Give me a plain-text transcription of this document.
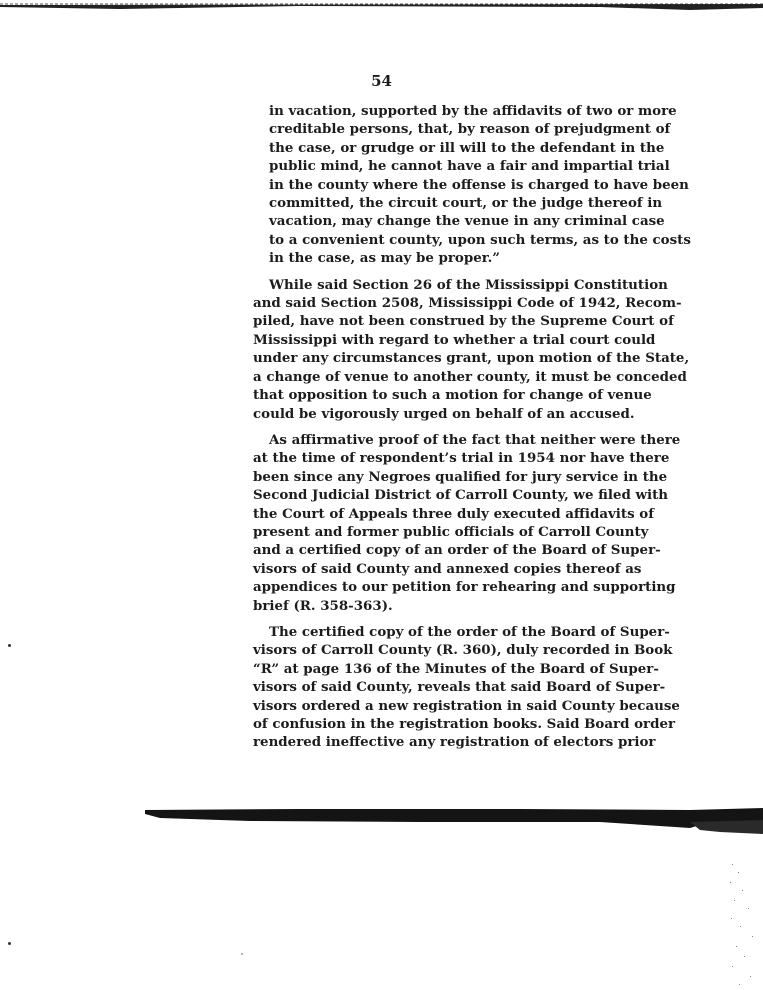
54
in vacation, supported by the affidavits of two or more
creditable persons, that, by reason of prejudgment of
the case, or grudge or ill will to the defendant in the
public mind, he cannot have a fair and impartial trial
in the county where the offense is charged to have been
committed, the circuit court, or the judge thereof in
vacation, may change the venue in any criminal case
to a convenient county, upon such terms, as to the costs
in the case, as may be proper.”
While said Section 26 of the Mississippi Constitution
and said Section 2508, Mississippi Code of 1942, Recom-
piled, have not been construed by the Supreme Court of
Mississippi with regard to whether a trial court could
under any circumstances grant, upon motion of the State,
a change of venue to another county, it must be conceded
that opposition to such a motion for change of venue
could be vigorously urged on behalf of an accused.
As affirmative proof of the fact that neither were there
at the time of respondent’s trial in 1954 nor have there
been since any Negroes qualified for jury service in the
Second Judicial District of Carroll County, we filed with
the Court of Appeals three duly executed affidavits of
present and former public officials of Carroll County
and a certified copy of an order of the Board of Super-
visors of said County and annexed copies thereof as
appendices to our petition for rehearing and supporting
brief (R. 358-363).
The certified copy of the order of the Board of Super-
visors of Carroll County (R. 360), duly recorded in Book
“R” at page 136 of the Minutes of the Board of Super-
visors of said County, reveals that said Board of Super-
visors ordered a new registration in said County because
of confusion in the registration books. Said Board order
rendered ineffective any registration of electors prior
